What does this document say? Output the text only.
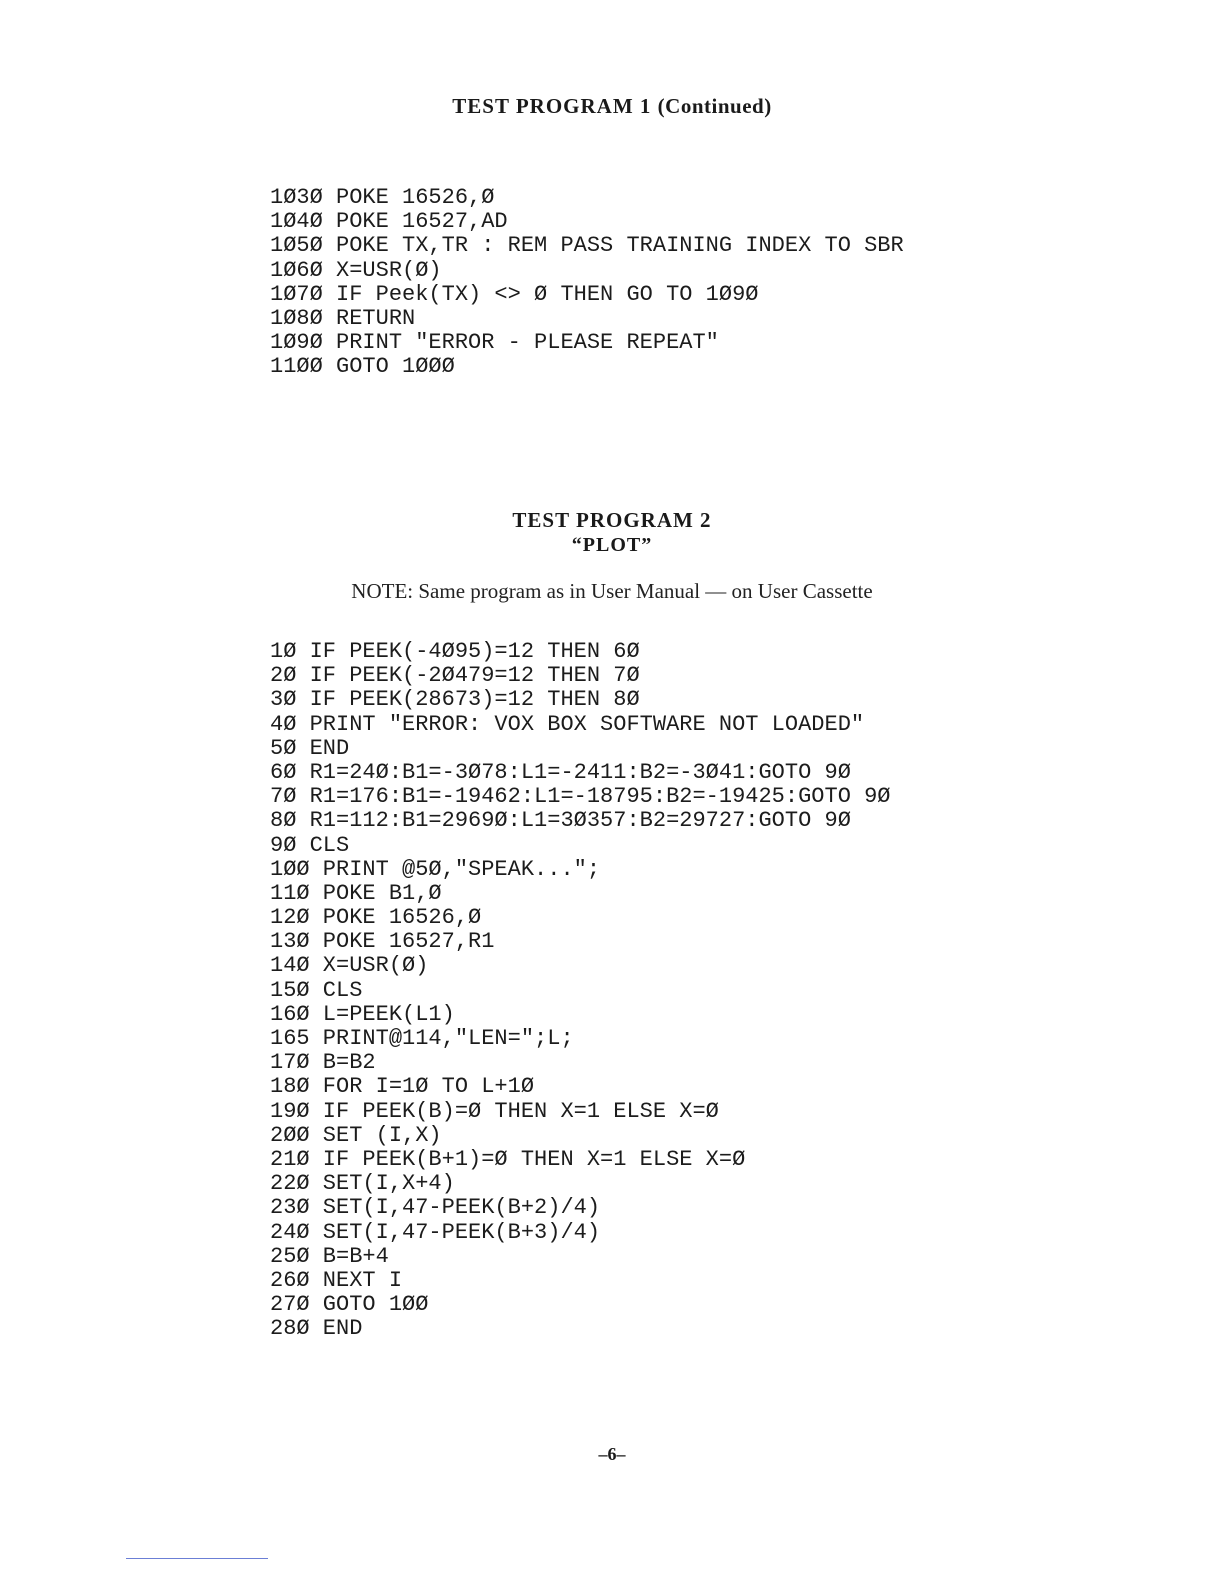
TEST PROGRAM 1 (Continued)
1Ø3Ø POKE 16526,Ø
1Ø4Ø POKE 16527,AD
1Ø5Ø POKE TX,TR : REM PASS TRAINING INDEX TO SBR
1Ø6Ø X=USR(Ø)
1Ø7Ø IF Peek(TX) <> Ø THEN GO TO 1Ø9Ø
1Ø8Ø RETURN
1Ø9Ø PRINT "ERROR - PLEASE REPEAT"
11ØØ GOTO 1ØØØ
TEST PROGRAM 2
“PLOT”

NOTE: Same program as in User Manual — on User Cassette

1Ø IF PEEK(-4Ø95)=12 THEN 6Ø
2Ø IF PEEK(-2Ø479=12 THEN 7Ø
3Ø IF PEEK(28673)=12 THEN 8Ø
4Ø PRINT "ERROR: VOX BOX SOFTWARE NOT LOADED"
5Ø END
6Ø R1=24Ø:B1=-3Ø78:L1=-2411:B2=-3Ø41:GOTO 9Ø
7Ø R1=176:B1=-19462:L1=-18795:B2=-19425:GOTO 9Ø
8Ø R1=112:B1=2969Ø:L1=3Ø357:B2=29727:GOTO 9Ø
9Ø CLS
1ØØ PRINT @5Ø,"SPEAK...";
11Ø POKE B1,Ø
12Ø POKE 16526,Ø
13Ø POKE 16527,R1
14Ø X=USR(Ø)
15Ø CLS
16Ø L=PEEK(L1)
165 PRINT@114,"LEN=";L;
17Ø B=B2
18Ø FOR I=1Ø TO L+1Ø
19Ø IF PEEK(B)=Ø THEN X=1 ELSE X=Ø
2ØØ SET (I,X)
21Ø IF PEEK(B+1)=Ø THEN X=1 ELSE X=Ø
22Ø SET(I,X+4)
23Ø SET(I,47-PEEK(B+2)/4)
24Ø SET(I,47-PEEK(B+3)/4)
25Ø B=B+4
26Ø NEXT I
27Ø GOTO 1ØØ
28Ø END

–6–
